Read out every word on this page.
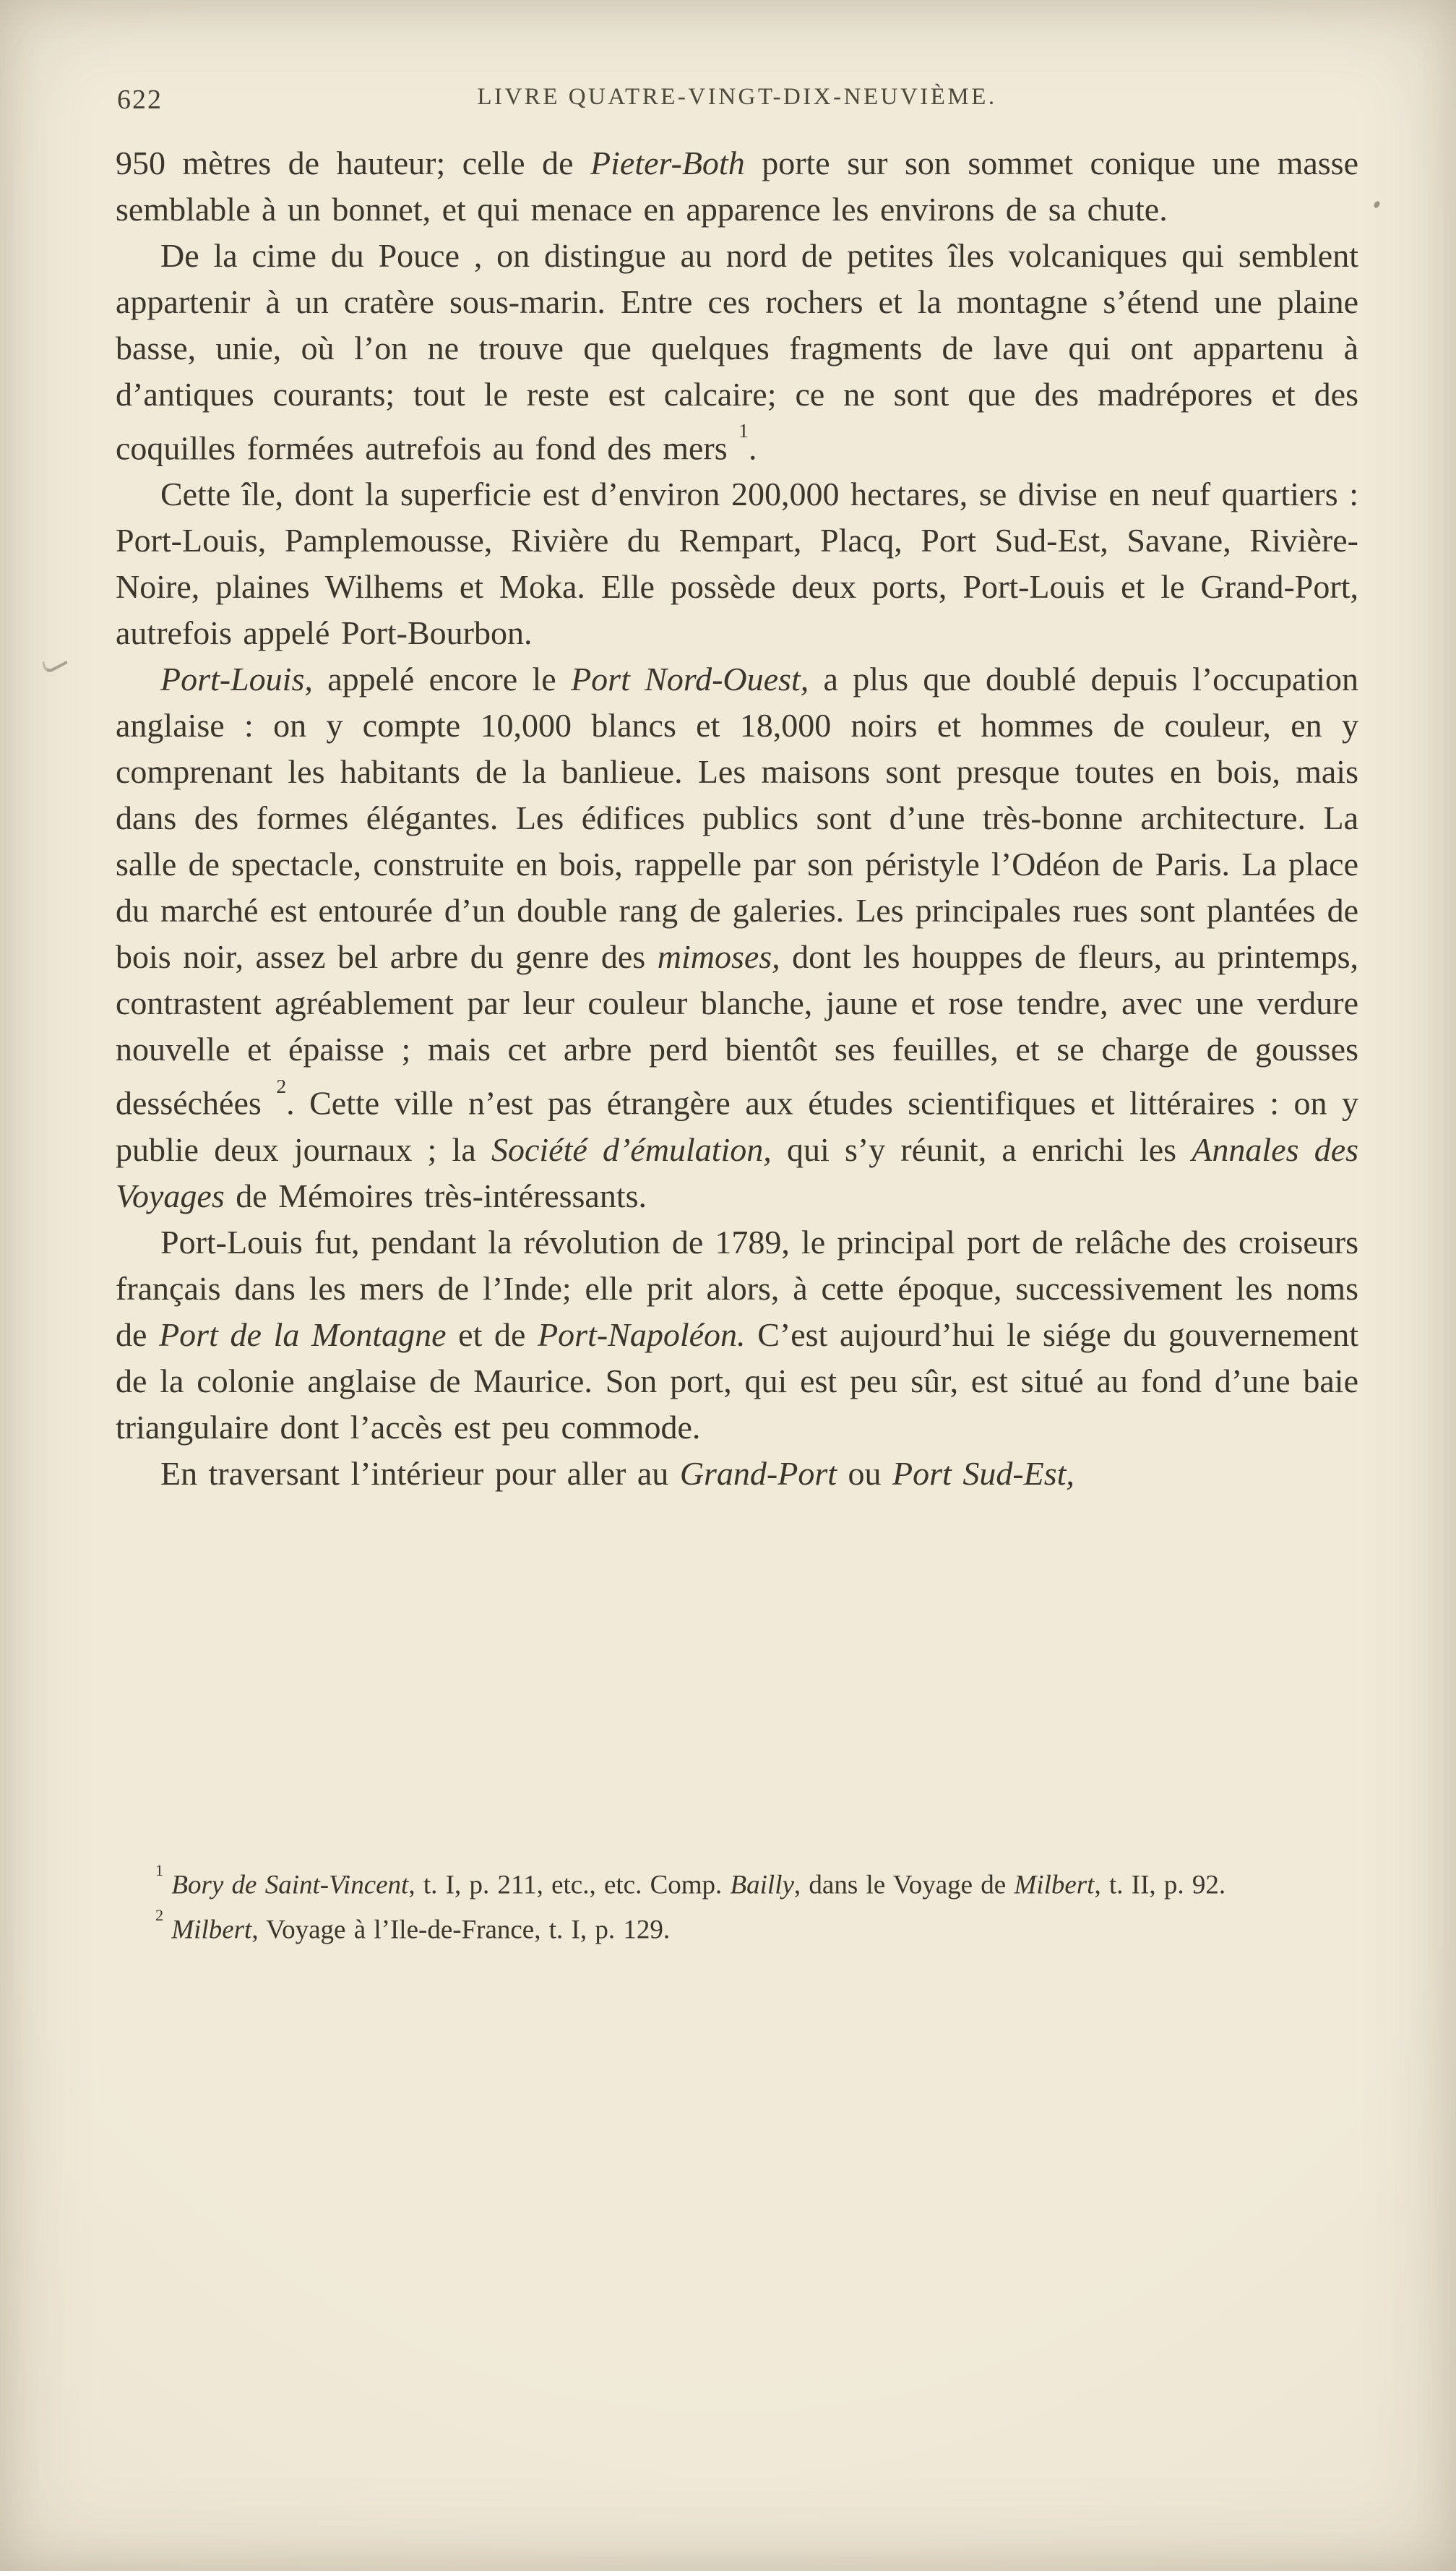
622	LIVRE QUATRE-VINGT-DIX-NEUVIÈME.

950 mètres de hauteur; celle de Pieter-Both porte sur son sommet conique une masse semblable à un bonnet, et qui menace en apparence les environs de sa chute.

De la cime du Pouce , on distingue au nord de petites îles volcaniques qui semblent appartenir à un cratère sous-marin. Entre ces rochers et la montagne s’étend une plaine basse, unie, où l’on ne trouve que quelques fragments de lave qui ont appartenu à d’antiques courants; tout le reste est calcaire; ce ne sont que des madrépores et des coquilles formées autrefois au fond des mers $^1$.

Cette île, dont la superficie est d’environ 200,000 hectares, se divise en neuf quartiers : Port-Louis, Pamplemousse, Rivière du Rempart, Placq, Port Sud-Est, Savane, Rivière-Noire, plaines Wilhems et Moka. Elle possède deux ports, Port-Louis et le Grand-Port, autrefois appelé Port-Bourbon.

Port-Louis, appelé encore le Port Nord-Ouest, a plus que doublé depuis l’occupation anglaise : on y compte 10,000 blancs et 18,000 noirs et hommes de couleur, en y comprenant les habitants de la banlieue. Les maisons sont presque toutes en bois, mais dans des formes élégantes. Les édifices publics sont d’une très-bonne architecture. La salle de spectacle, construite en bois, rappelle par son péristyle l’Odéon de Paris. La place du marché est entourée d’un double rang de galeries. Les principales rues sont plantées de bois noir, assez bel arbre du genre des mimoses, dont les houppes de fleurs, au printemps, contrastent agréablement par leur couleur blanche, jaune et rose tendre, avec une verdure nouvelle et épaisse ; mais cet arbre perd bientôt ses feuilles, et se charge de gousses desséchées $^2$. Cette ville n’est pas étrangère aux études scientifiques et littéraires : on y publie deux journaux ; la Société d’émulation, qui s’y réunit, a enrichi les Annales des Voyages de Mémoires très-intéressants.

Port-Louis fut, pendant la révolution de 1789, le principal port de relâche des croiseurs français dans les mers de l’Inde; elle prit alors, à cette époque, successivement les noms de Port de la Montagne et de Port-Napoléon. C’est aujourd’hui le siége du gouvernement de la colonie anglaise de Maurice. Son port, qui est peu sûr, est situé au fond d’une baie triangulaire dont l’accès est peu commode.

En traversant l’intérieur pour aller au Grand-Port ou Port Sud-Est,

$^1$ Bory de Saint-Vincent, t. I, p. 211, etc., etc. Comp. Bailly, dans le Voyage de Milbert, t. II, p. 92.

$^2$ Milbert, Voyage à l’Ile-de-France, t. I, p. 129.
